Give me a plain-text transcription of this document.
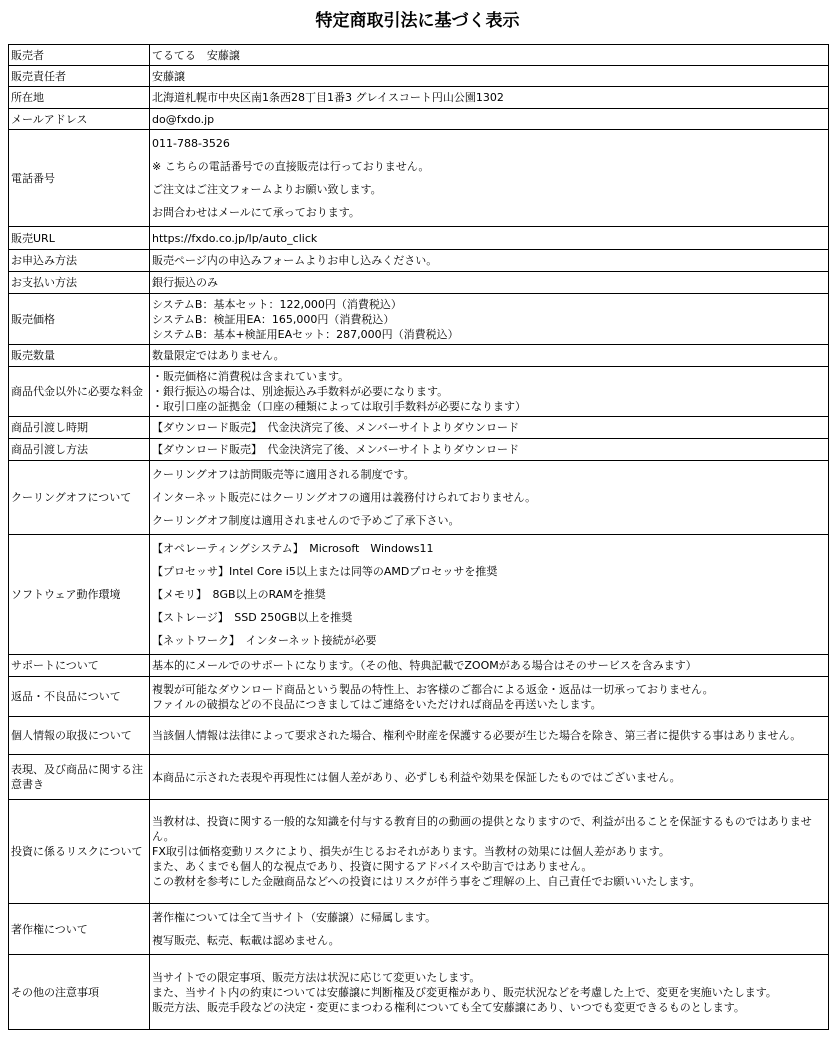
特定商取引法に基づく表示
販売者	てるてる　安藤譲

販売責任者	安藤譲

所在地	北海道札幌市中央区南1条西28丁目1番3 グレイスコート円山公園1302

メールアドレス	do@fxdo.jp

電話番号	011-788-3526
※ こちらの電話番号での直接販売は行っておりません。
ご注文はご注文フォームよりお願い致します。
お問合わせはメールにて承っております。

販売URL	https://fxdo.co.jp/lp/auto_click

お申込み方法	販売ページ内の申込みフォームよりお申し込みください。

お支払い方法	銀行振込のみ

販売価格	システムB：基本セット：122,000円（消費税込）
システムB：検証用EA：165,000円（消費税込）
システムB：基本+検証用EAセット：287,000円（消費税込）

販売数量	数量限定ではありません。

商品代金以外に必要な料金	・販売価格に消費税は含まれています。
・銀行振込の場合は、別途振込み手数料が必要になります。
・取引口座の証拠金（口座の種類によっては取引手数料が必要になります）

商品引渡し時期	【ダウンロード販売】　代金決済完了後、メンバーサイトよりダウンロード

商品引渡し方法	【ダウンロード販売】　代金決済完了後、メンバーサイトよりダウンロード

クーリングオフについて	クーリングオフは訪問販売等に適用される制度です。
インターネット販売にはクーリングオフの適用は義務付けられておりません。
クーリングオフ制度は適用されませんので予めご了承下さい。

ソフトウェア動作環境	【オペレーティングシステム】　Microsoft　Windows11
【プロセッサ】Intel Core i5以上または同等のAMDプロセッサを推奨
【メモリ】　8GB以上のRAMを推奨
【ストレージ】　SSD 250GB以上を推奨
【ネットワーク】　インターネット接続が必要

サポートについて	基本的にメールでのサポートになります。（その他、特典記載でZOOMがある場合はそのサービスを含みます）

返品・不良品について	複製が可能なダウンロード商品という製品の特性上、お客様のご都合による返金・返品は一切承っておりません。
ファイルの破損などの不良品につきましてはご連絡をいただければ商品を再送いたします。

個人情報の取扱について	当該個人情報は法律によって要求された場合、権利や財産を保護する必要が生じた場合を除き、第三者に提供する事はありません。

表現、及び商品に関する注意書き	本商品に示された表現や再現性には個人差があり、必ずしも利益や効果を保証したものではございません。

投資に係るリスクについて	当教材は、投資に関する一般的な知識を付与する教育目的の動画の提供となりますので、利益が出ることを保証するものではありません。
FX取引は価格変動リスクにより、損失が生じるおそれがあります。当教材の効果には個人差があります。
また、あくまでも個人的な視点であり、投資に関するアドバイスや助言ではありません。
この教材を参考にした金融商品などへの投資にはリスクが伴う事をご理解の上、自己責任でお願いいたします。

著作権について	著作権については全て当サイト（安藤譲）に帰属します。
複写販売、転売、転載は認めません。

その他の注意事項	当サイトでの限定事項、販売方法は状況に応じて変更いたします。
また、当サイト内の約束については安藤譲に判断権及び変更権があり、販売状況などを考慮した上で、変更を実施いたします。
販売方法、販売手段などの決定・変更にまつわる権利についても全て安藤譲にあり、いつでも変更できるものとします。
